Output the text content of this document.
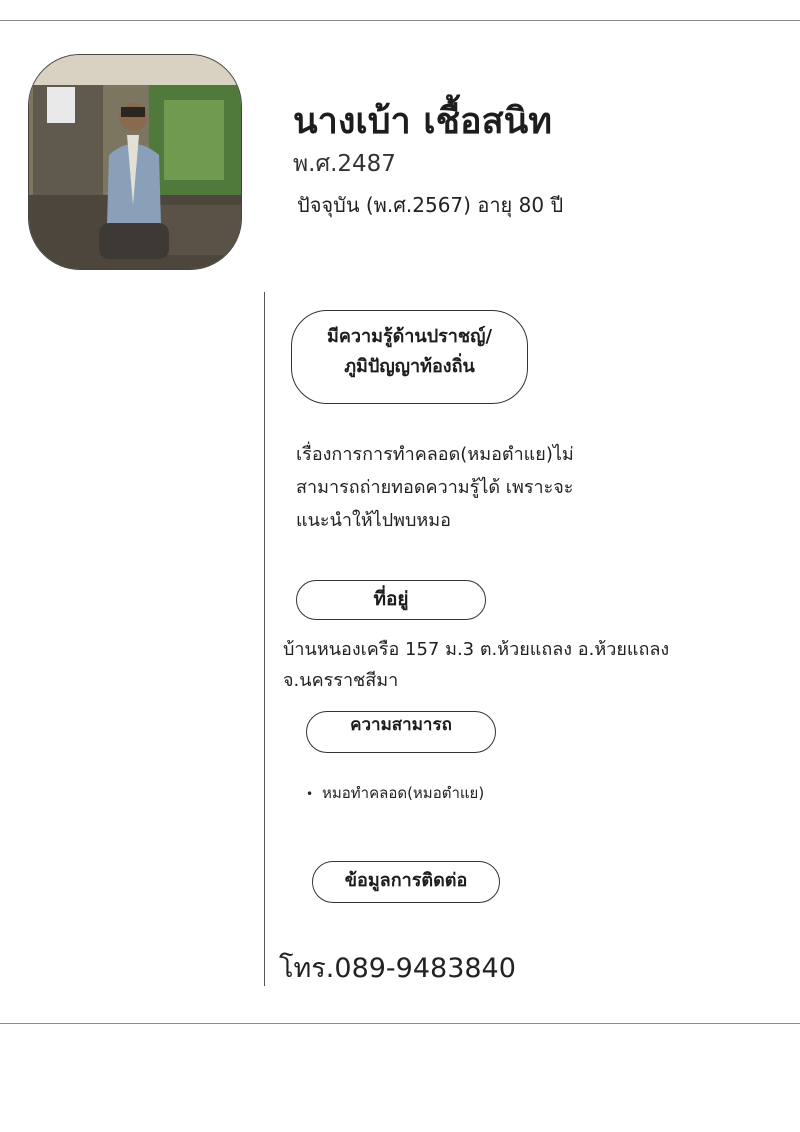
นางเบ้า เชื้อสนิท
พ.ศ.2487
ปัจจุบัน (พ.ศ.2567) อายุ 80 ปี
มีความรู้ด้านปราชญ์/
ภูมิปัญญาท้องถิ่น
เรื่องการการทำคลอด(หมอตำแย)ไม่
สามารถถ่ายทอดความรู้ได้ เพราะจะ
แนะนำให้ไปพบหมอ
ที่อยู่
บ้านหนองเครือ 157 ม.3 ต.ห้วยแถลง อ.ห้วยแถลง
จ.นครราชสีมา
ความสามารถ
• หมอทำคลอด(หมอตำแย)
ข้อมูลการติดต่อ
โทร.089-9483840
